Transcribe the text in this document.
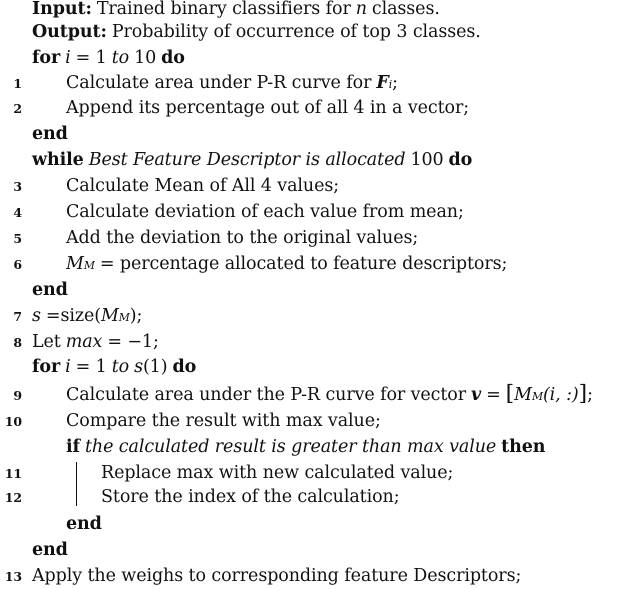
Input: Trained binary classifiers for n classes.
Output: Probability of occurrence of top 3 classes.
for i = 1 to 10 do
1	Calculate area under P-R curve for F i ;
2	Append its percentage out of all 4 in a vector;
end
while Best Feature Descriptor is allocated 100 do
3	Calculate Mean of All 4 values;
4	Calculate deviation of each value from mean;
5	Add the deviation to the original values;
6	M M = percentage allocated to feature descriptors;
end
7 s =size( M M );
8 Let max = −1;
for i = 1 to s (1) do
9	Calculate area under the P-R curve for vector v = [ M M (i, :) ] ;
10	Compare the result with max value;
if the calculated result is greater than max value then
11	Replace max with new calculated value;
12	Store the index of the calculation;
end
end
13 Apply the weighs to corresponding feature Descriptors;
